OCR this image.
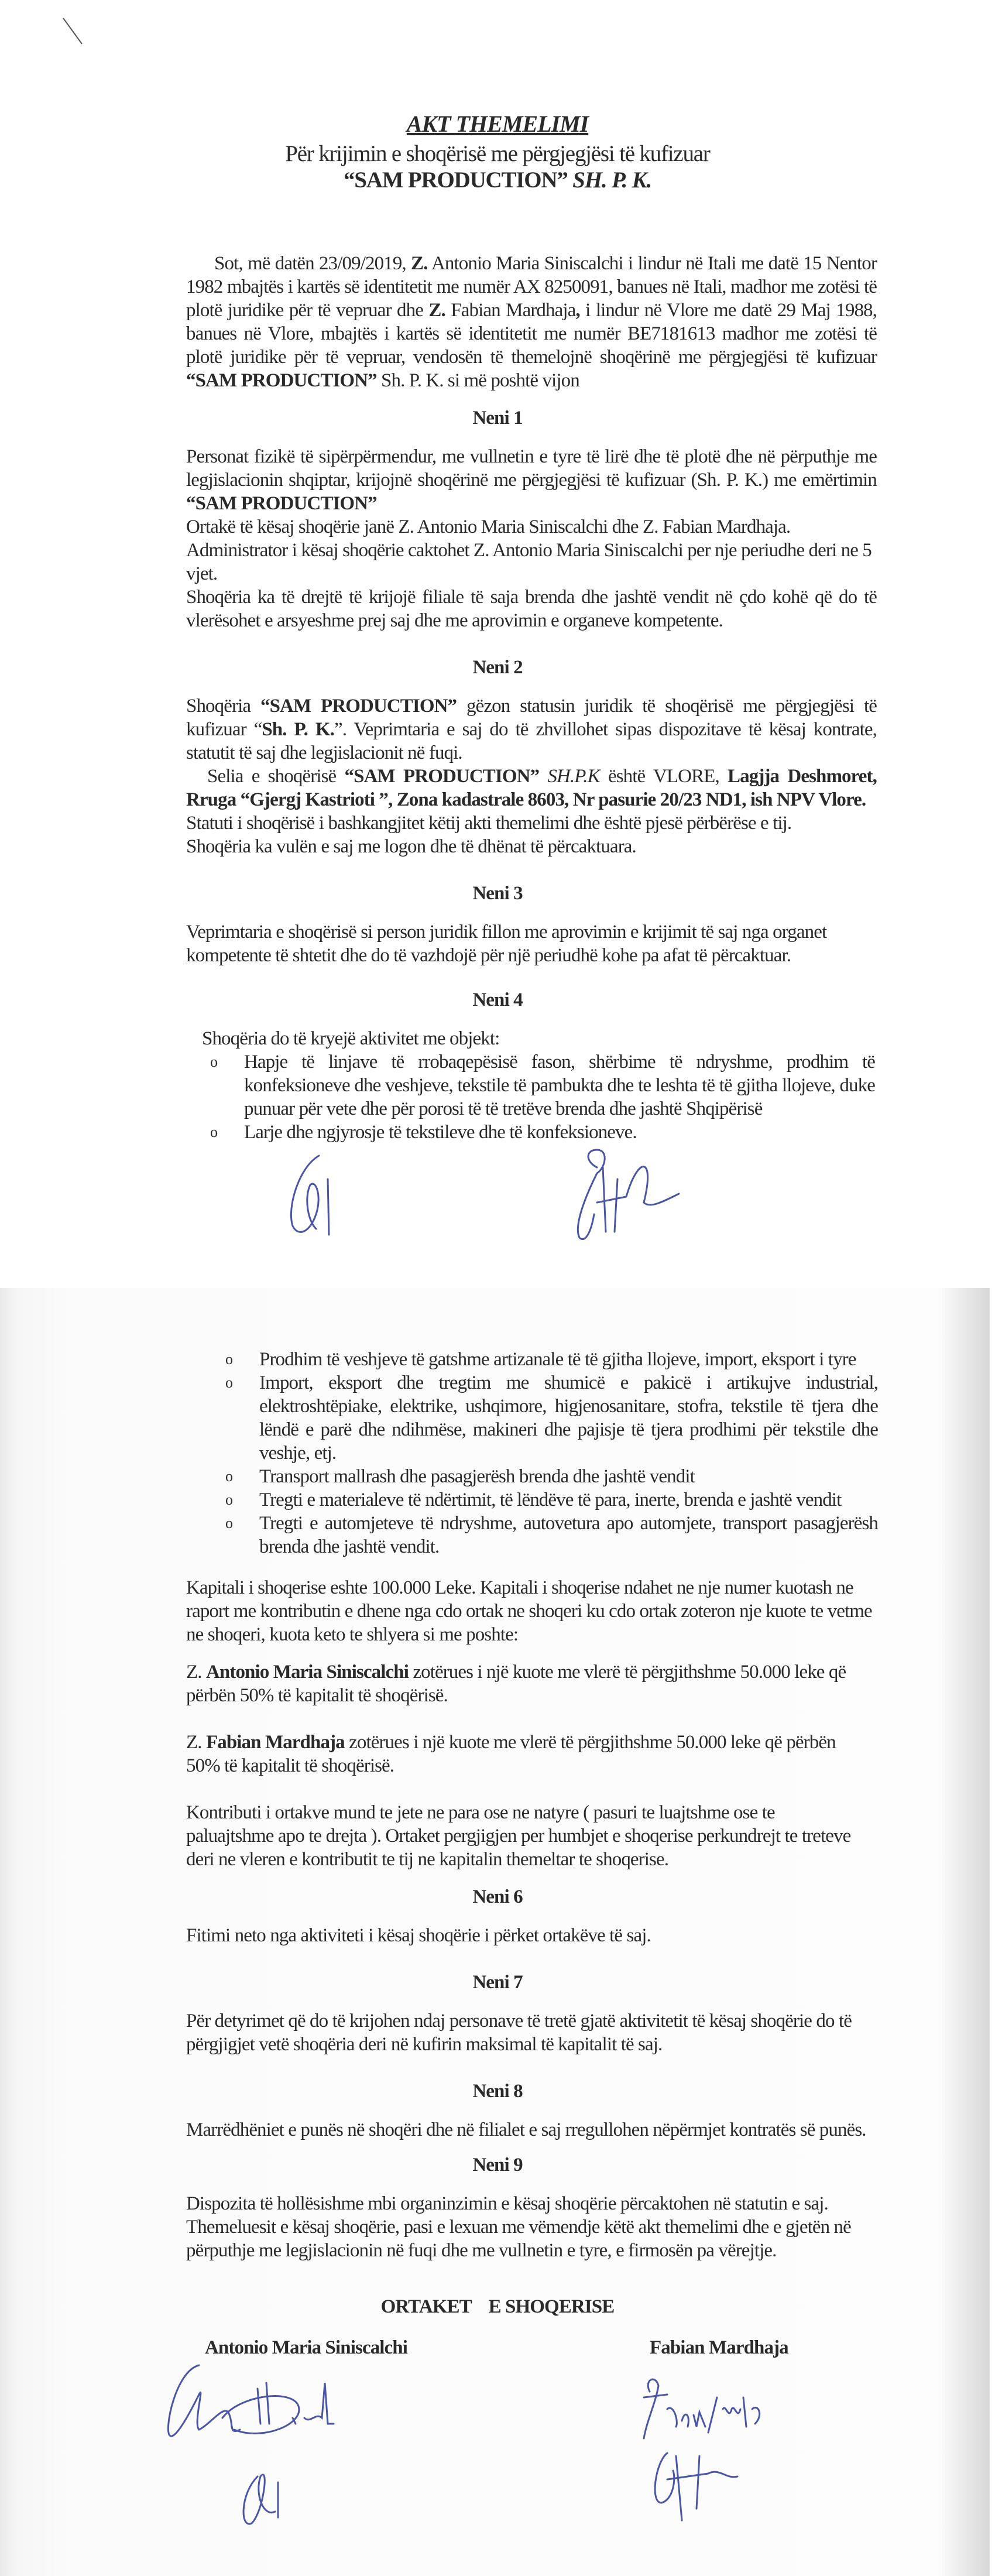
AKT THEMELIMI
Për krijimin e shoqërisë me përgjegjësi të kufizuar
“SAM PRODUCTION” SH. P. K.
Sot, më datën 23/09/2019, Z. Antonio Maria Siniscalchi i lindur në Itali me datë 15 Nentor 1982 mbajtës i kartës së identitetit me numër AX 8250091, banues në Itali, madhor me zotësi të plotë juridike për të vepruar dhe Z. Fabian Mardhaja, i lindur në Vlore me datë 29 Maj 1988, banues në Vlore, mbajtës i kartës së identitetit me numër BE7181613 madhor me zotësi të plotë juridike për të vepruar, vendosën të themelojnë shoqërinë me përgjegjësi të kufizuar “SAM PRODUCTION” Sh. P. K. si më poshtë vijon
Neni 1
Personat fizikë të sipërpërmendur, me vullnetin e tyre të lirë dhe të plotë dhe në përputhje me legjislacionin shqiptar, krijojnë shoqërinë me përgjegjësi të kufizuar (Sh. P. K.) me emërtimin “SAM PRODUCTION”
Ortakë të kësaj shoqërie janë Z. Antonio Maria Siniscalchi dhe Z. Fabian Mardhaja.
Administrator i kësaj shoqërie caktohet Z. Antonio Maria Siniscalchi per nje periudhe deri ne 5 vjet.
Shoqëria ka të drejtë të krijojë filiale të saja brenda dhe jashtë vendit në çdo kohë që do të vlerësohet e arsyeshme prej saj dhe me aprovimin e organeve kompetente.
Neni 2
Shoqëria “SAM PRODUCTION” gëzon statusin juridik të shoqërisë me përgjegjësi të kufizuar “Sh. P. K.”. Veprimtaria e saj do të zhvillohet sipas dispozitave të kësaj kontrate, statutit të saj dhe legjislacionit në fuqi.
Selia e shoqërisë “SAM PRODUCTION” SH.P.K është VLORE, Lagjja Deshmoret, Rruga “Gjergj Kastrioti ”, Zona kadastrale 8603, Nr pasurie 20/23 ND1, ish NPV Vlore.
Statuti i shoqërisë i bashkangjitet këtij akti themelimi dhe është pjesë përbërëse e tij.
Shoqëria ka vulën e saj me logon dhe të dhënat të përcaktuara.
Neni 3
Veprimtaria e shoqërisë si person juridik fillon me aprovimin e krijimit të saj nga organet kompetente të shtetit dhe do të vazhdojë për një periudhë kohe pa afat të përcaktuar.
Neni 4
Shoqëria do të kryejë aktivitet me objekt:
o Hapje të linjave të rrobaqepësisë fason, shërbime të ndryshme, prodhim të konfeksioneve dhe veshjeve, tekstile të pambukta dhe te leshta të të gjitha llojeve, duke punuar për vete dhe për porosi të të tretëve brenda dhe jashtë Shqipërisë
o Larje dhe ngjyrosje të tekstileve dhe të konfeksioneve.
o Prodhim të veshjeve të gatshme artizanale të të gjitha llojeve, import, eksport i tyre
o Import, eksport dhe tregtim me shumicë e pakicë i artikujve industrial, elektroshtëpiake, elektrike, ushqimore, higjenosanitare, stofra, tekstile të tjera dhe lëndë e parë dhe ndihmëse, makineri dhe pajisje të tjera prodhimi për tekstile dhe veshje, etj.
o Transport mallrash dhe pasagjerësh brenda dhe jashtë vendit
o Tregti e materialeve të ndërtimit, të lëndëve të para, inerte, brenda e jashtë vendit
o Tregti e automjeteve të ndryshme, autovetura apo automjete, transport pasagjerësh brenda dhe jashtë vendit.
Kapitali i shoqerise eshte 100.000 Leke. Kapitali i shoqerise ndahet ne nje numer kuotash ne raport me kontributin e dhene nga cdo ortak ne shoqeri ku cdo ortak zoteron nje kuote te vetme ne shoqeri, kuota keto te shlyera si me poshte:
Z. Antonio Maria Siniscalchi zotërues i një kuote me vlerë të përgjithshme 50.000 leke që përbën 50% të kapitalit të shoqërisë.
Z. Fabian Mardhaja zotërues i një kuote me vlerë të përgjithshme 50.000 leke që përbën 50% të kapitalit të shoqërisë.
Kontributi i ortakve mund te jete ne para ose ne natyre ( pasuri te luajtshme ose te paluajtshme apo te drejta ). Ortaket pergjigjen per humbjet e shoqerise perkundrejt te treteve deri ne vleren e kontributit te tij ne kapitalin themeltar te shoqerise.
Neni 6
Fitimi neto nga aktiviteti i kësaj shoqërie i përket ortakëve të saj.
Neni 7
Për detyrimet që do të krijohen ndaj personave të tretë gjatë aktivitetit të kësaj shoqërie do të përgjigjet vetë shoqëria deri në kufirin maksimal të kapitalit të saj.
Neni 8
Marrëdhëniet e punës në shoqëri dhe në filialet e saj rregullohen nëpërmjet kontratës së punës.
Neni 9
Dispozita të hollësishme mbi organinzimin e kësaj shoqërie përcaktohen në statutin e saj. Themeluesit e kësaj shoqërie, pasi e lexuan me vëmendje këtë akt themelimi dhe e gjetën në përputhje me legjislacionin në fuqi dhe me vullnetin e tyre, e firmosën pa vërejtje.
ORTAKET    E SHOQERISE
Antonio Maria Siniscalchi	Fabian Mardhaja
